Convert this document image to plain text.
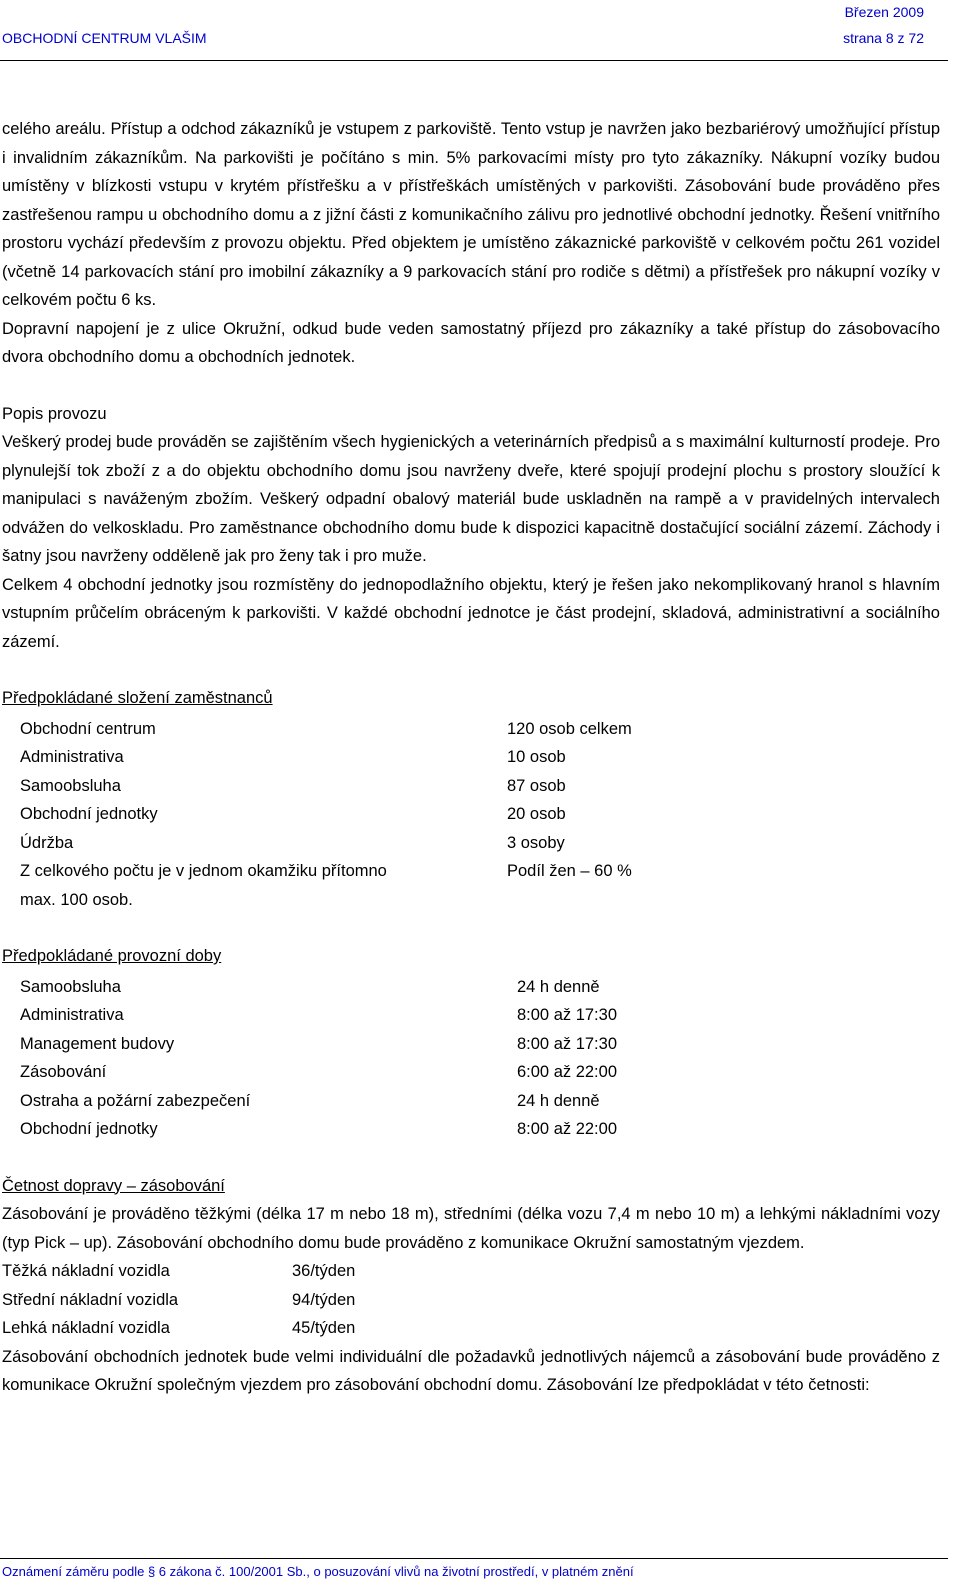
Březen 2009
OBCHODNÍ CENTRUM VLAŠIM	strana 8 z 72

celého areálu. Přístup a odchod zákazníků je vstupem z parkoviště. Tento vstup je navržen jako bezbariérový umožňující přístup i invalidním zákazníkům. Na parkovišti je počítáno s min. 5% parkovacími místy pro tyto zákazníky. Nákupní vozíky budou umístěny v blízkosti vstupu v krytém přístřešku a v přístřeškách umístěných v parkovišti. Zásobování bude prováděno přes zastřešenou rampu u obchodního domu a z jižní části z komunikačního zálivu pro jednotlivé obchodní jednotky. Řešení vnitřního prostoru vychází především z provozu objektu. Před objektem je umístěno zákaznické parkoviště v celkovém počtu 261 vozidel (včetně 14 parkovacích stání pro imobilní zákazníky a 9 parkovacích stání pro rodiče s dětmi) a přístřešek pro nákupní vozíky v celkovém počtu 6 ks.

Dopravní napojení je z ulice Okružní, odkud bude veden samostatný příjezd pro zákazníky a také přístup do zásobovacího dvora obchodního domu a obchodních jednotek.

Popis provozu

Veškerý prodej bude prováděn se zajištěním všech hygienických a veterinárních předpisů a s maximální kulturností prodeje. Pro plynulejší tok zboží z a do objektu obchodního domu jsou navrženy dveře, které spojují prodejní plochu s prostory sloužící k manipulaci s naváženým zbožím. Veškerý odpadní obalový materiál bude uskladněn na rampě a v pravidelných intervalech odvážen do velkoskladu. Pro zaměstnance obchodního domu bude k dispozici kapacitně dostačující sociální zázemí. Záchody i šatny jsou navrženy odděleně jak pro ženy tak i pro muže.

Celkem 4 obchodní jednotky jsou rozmístěny do jednopodlažního objektu, který je řešen jako nekomplikovaný hranol s hlavním vstupním průčelím obráceným k parkovišti. V každé obchodní jednotce je část prodejní, skladová, administrativní a sociálního zázemí.

Předpokládané složení zaměstnanců
Obchodní centrum	120 osob celkem
Administrativa	10 osob
Samoobsluha	87 osob
Obchodní jednotky	20 osob
Údržba	3 osoby
Z celkového počtu je v jednom okamžiku přítomno	Podíl žen – 60 %
max. 100 osob.
Předpokládané provozní doby
Samoobsluha	24 h denně
Administrativa	8:00 až 17:30
Management budovy	8:00 až 17:30
Zásobování	6:00 až 22:00
Ostraha a požární zabezpečení	24 h denně
Obchodní jednotky	8:00 až 22:00
Četnost dopravy – zásobování

Zásobování je prováděno těžkými (délka 17 m nebo 18 m), středními (délka vozu 7,4 m nebo 10 m) a lehkými nákladními vozy (typ Pick – up). Zásobování obchodního domu bude prováděno z komunikace Okružní samostatným vjezdem.

Těžká nákladní vozidla	36/týden
Střední nákladní vozidla	94/týden
Lehká nákladní vozidla	45/týden

Zásobování obchodních jednotek bude velmi individuální dle požadavků jednotlivých nájemců a zásobování bude prováděno z komunikace Okružní společným vjezdem pro zásobování obchodní domu. Zásobování lze předpokládat v této četnosti:

Oznámení záměru podle § 6 zákona č. 100/2001 Sb., o posuzování vlivů na životní prostředí, v platném znění
